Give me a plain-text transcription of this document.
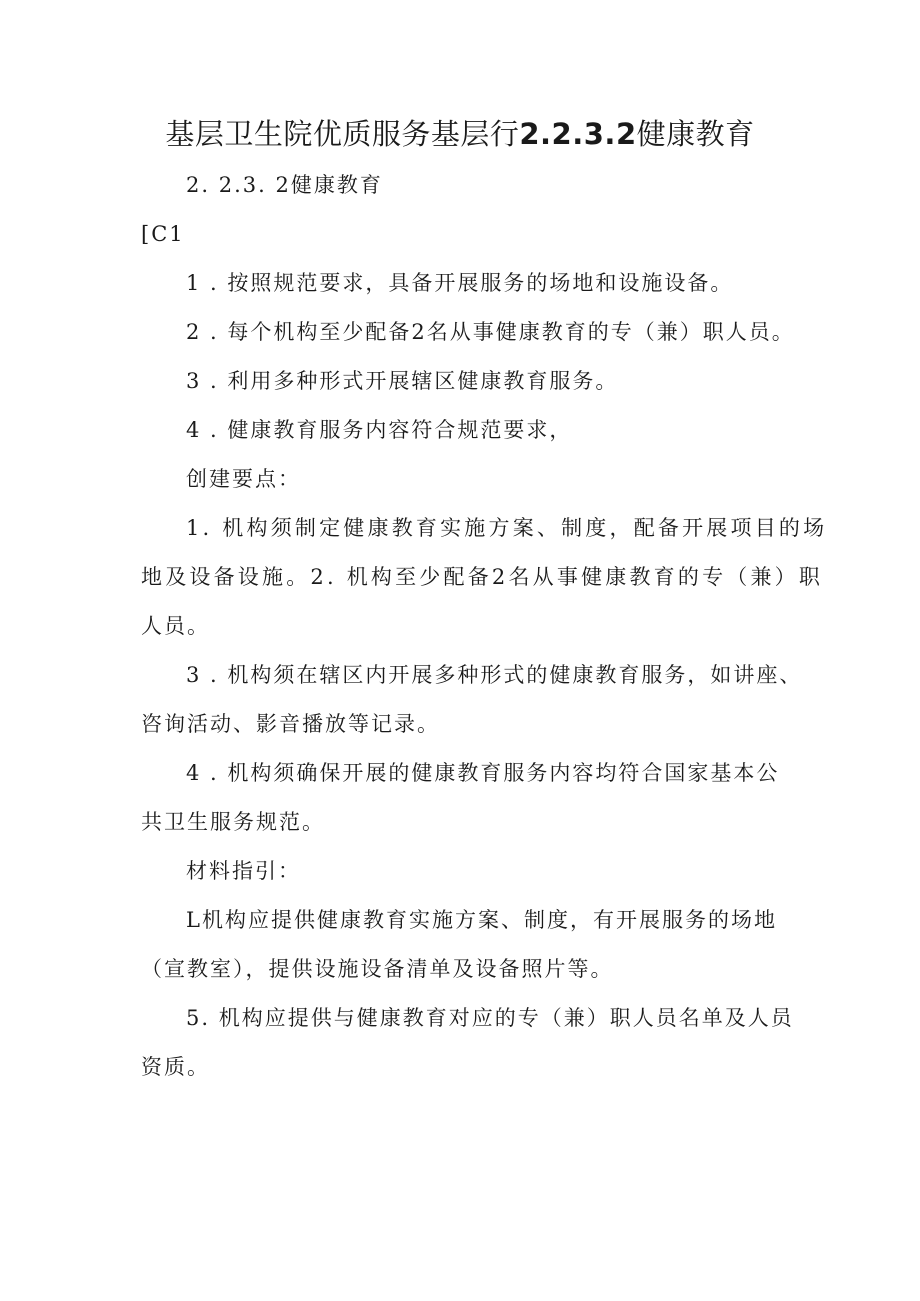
基层卫生院优质服务基层行2.2.3.2健康教育
2. 2.3. 2健康教育
[C1
1 . 按照规范要求，具备开展服务的场地和设施设备。
2 . 每个机构至少配备2名从事健康教育的专（兼）职人员。
3 . 利用多种形式开展辖区健康教育服务。
4 . 健康教育服务内容符合规范要求，
创建要点：
1. 机构须制定健康教育实施方案、制度，配备开展项目的场
地及设备设施。2. 机构至少配备2名从事健康教育的专（兼）职
人员。
3 . 机构须在辖区内开展多种形式的健康教育服务，如讲座、
咨询活动、影音播放等记录。
4 . 机构须确保开展的健康教育服务内容均符合国家基本公
共卫生服务规范。
材料指引：
L机构应提供健康教育实施方案、制度，有开展服务的场地
（宣教室），提供设施设备清单及设备照片等。
5. 机构应提供与健康教育对应的专（兼）职人员名单及人员
资质。
